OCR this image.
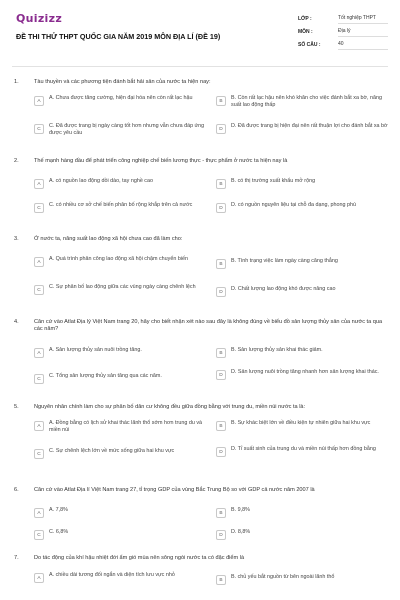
Quizizz
ĐỀ THI THỬ THPT QUỐC GIA NĂM 2019 MÔN ĐỊA LÍ (ĐỀ 19)
LỚP :	Tốt nghiệp THPT
MÔN :	Địa lý
SỐ CÂU :	40
1.	Tàu thuyền và các phương tiện đánh bắt hải sản của nước ta hiện nay:
A	A. Chưa được tăng cường, hiện đại hóa nên còn rất lạc hậu	B	B. Còn rất lạc hậu nên khó khăn cho việc đánh bắt xa bờ, năng suất lao động thấp
C	C. Đã được trang bị ngày càng tốt hơn nhưng vẫn chưa đáp ứng được yêu cầu
D	D. Đã được trang bị hiện đại nên rất thuận lợi cho đánh bắt xa bờ
2.	Thế mạnh hàng đầu để phát triển công nghiệp chế biến lương thực - thực phẩm ở nước ta hiện nay là
A	A. có nguồn lao động dồi dào, tay nghề cao	B	B. có thị trường xuất khẩu mở rộng
C	C. có nhiều cơ sở chế biến phân bố rộng khắp trên cả nước	D	D. có nguồn nguyên liệu tại chỗ đa dạng, phong phú
3.	Ở nước ta, năng suất lao động xã hội chưa cao đã làm cho:
A	A. Quá trình phân công lao động xã hội chậm chuyển biến
B	B. Tình trạng việc làm ngày càng căng thẳng
C	C. Sự phân bố lao động giữa các vùng ngày càng chênh lệch
D	D. Chất lượng lao động khó được nâng cao
4.	Căn cứ vào Atlat Địa lý Việt Nam trang 20, hãy cho biết nhận xét nào sau đây là không đúng về biểu đồ sản lượng thủy sản của nước ta qua các năm?
A	A. Sản lượng thủy sản nuôi trồng tăng.	B	B. Sản lượng thủy sản khai thác giảm.
C	C. Tổng sản lượng thủy sản tăng qua các năm.	D	D. Sản lượng nuôi trồng tăng nhanh hơn sản lượng khai thác.
5.	Nguyên nhân chính làm cho sự phân bố dân cư không đều giữa đồng bằng với trung du, miền núi nước ta là:
A	A. Đồng bằng có lịch sử khai thác lãnh thổ sớm hơn trung du và miền núi
B	B. Sự khác biệt lớn về điều kiện tự nhiên giữa hai khu vực
C	C. Sự chênh lệch lớn về mức sống giữa hai khu vực	D	D. Tỉ suất sinh của trung du và miền núi thấp hơn đồng bằng
6.	Căn cứ vào Atlat Địa lí Việt Nam trang 27, tỉ trọng GDP của vùng Bắc Trung Bộ so với GDP cả nước năm 2007 là
A	A. 7,8%	B	B. 9,8%
C	C. 6,8%	D	D. 8,8%
7.	Do tác động của khí hậu nhiệt đới ẩm gió mùa nên sông ngòi nước ta có đặc điểm là
A	A. chiều dài tương đối ngắn và diện tích lưu vực nhỏ
B	B. chủ yếu bắt nguồn từ bên ngoài lãnh thổ
